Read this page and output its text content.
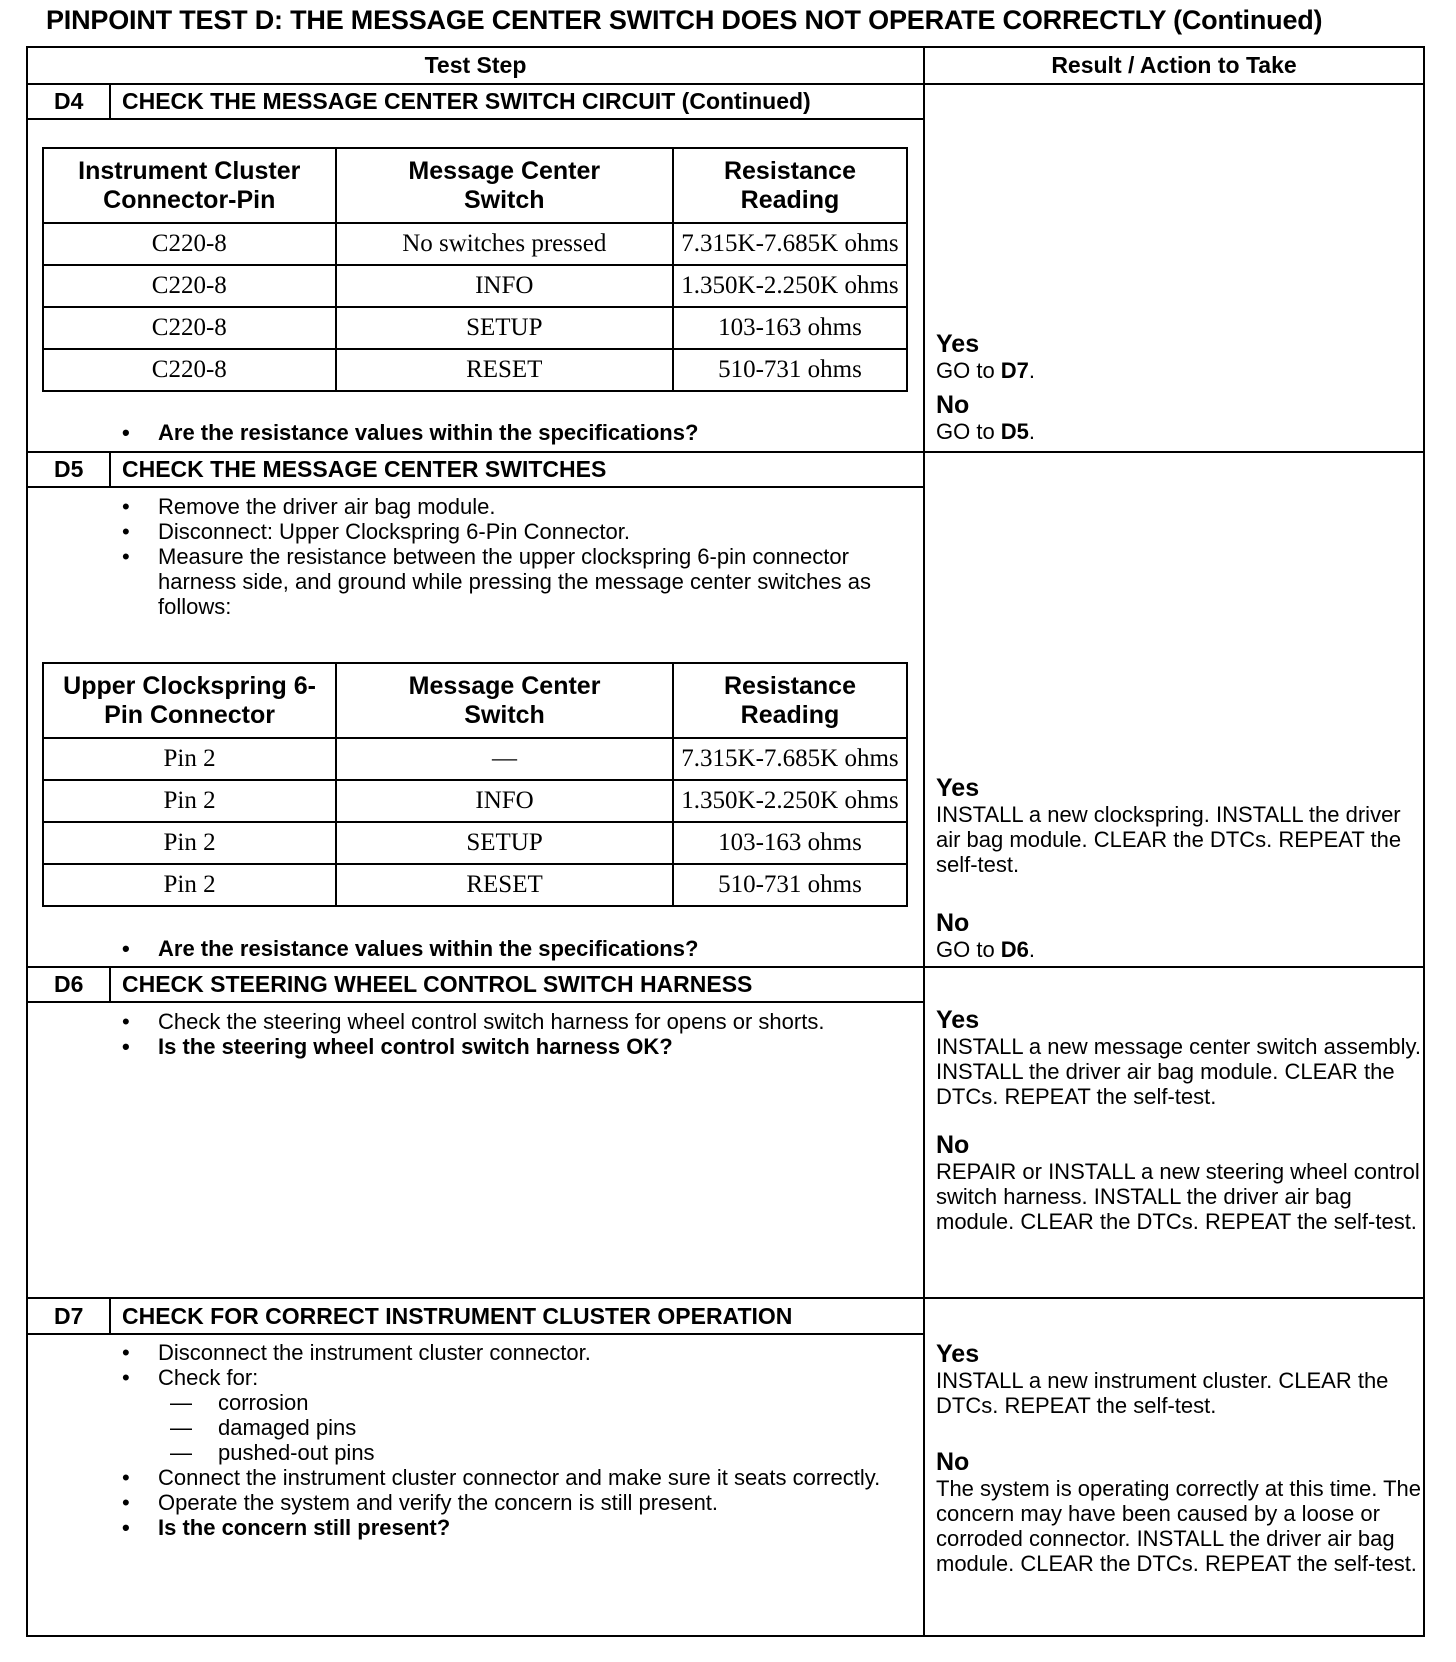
PINPOINT TEST D: THE MESSAGE CENTER SWITCH DOES NOT OPERATE CORRECTLY (Continued)
Test Step	Result / Action to Take
D4 CHECK THE MESSAGE CENTER SWITCH CIRCUIT (Continued)
Instrument Cluster Connector-Pin	Message Center Switch	Resistance Reading
C220-8	No switches pressed	7.315K-7.685K ohms
C220-8	INFO	1.350K-2.250K ohms
C220-8	SETUP	103-163 ohms
C220-8	RESET	510-731 ohms
• Are the resistance values within the specifications?
Yes
GO to D7.
No
GO to D5.
D5 CHECK THE MESSAGE CENTER SWITCHES
• Remove the driver air bag module.
• Disconnect: Upper Clockspring 6-Pin Connector.
• Measure the resistance between the upper clockspring 6-pin connector harness side, and ground while pressing the message center switches as follows:
Upper Clockspring 6-Pin Connector	Message Center Switch	Resistance Reading
Pin 2	—	7.315K-7.685K ohms
Pin 2	INFO	1.350K-2.250K ohms
Pin 2	SETUP	103-163 ohms
Pin 2	RESET	510-731 ohms
• Are the resistance values within the specifications?
Yes
INSTALL a new clockspring. INSTALL the driver air bag module. CLEAR the DTCs. REPEAT the self-test.
No
GO to D6.
D6 CHECK STEERING WHEEL CONTROL SWITCH HARNESS
• Check the steering wheel control switch harness for opens or shorts.
• Is the steering wheel control switch harness OK?
Yes
INSTALL a new message center switch assembly. INSTALL the driver air bag module. CLEAR the DTCs. REPEAT the self-test.
No
REPAIR or INSTALL a new steering wheel control switch harness. INSTALL the driver air bag module. CLEAR the DTCs. REPEAT the self-test.
D7 CHECK FOR CORRECT INSTRUMENT CLUSTER OPERATION
• Disconnect the instrument cluster connector.
• Check for:
— corrosion
— damaged pins
— pushed-out pins
• Connect the instrument cluster connector and make sure it seats correctly.
• Operate the system and verify the concern is still present.
• Is the concern still present?
Yes
INSTALL a new instrument cluster. CLEAR the DTCs. REPEAT the self-test.
No
The system is operating correctly at this time. The concern may have been caused by a loose or corroded connector. INSTALL the driver air bag module. CLEAR the DTCs. REPEAT the self-test.
